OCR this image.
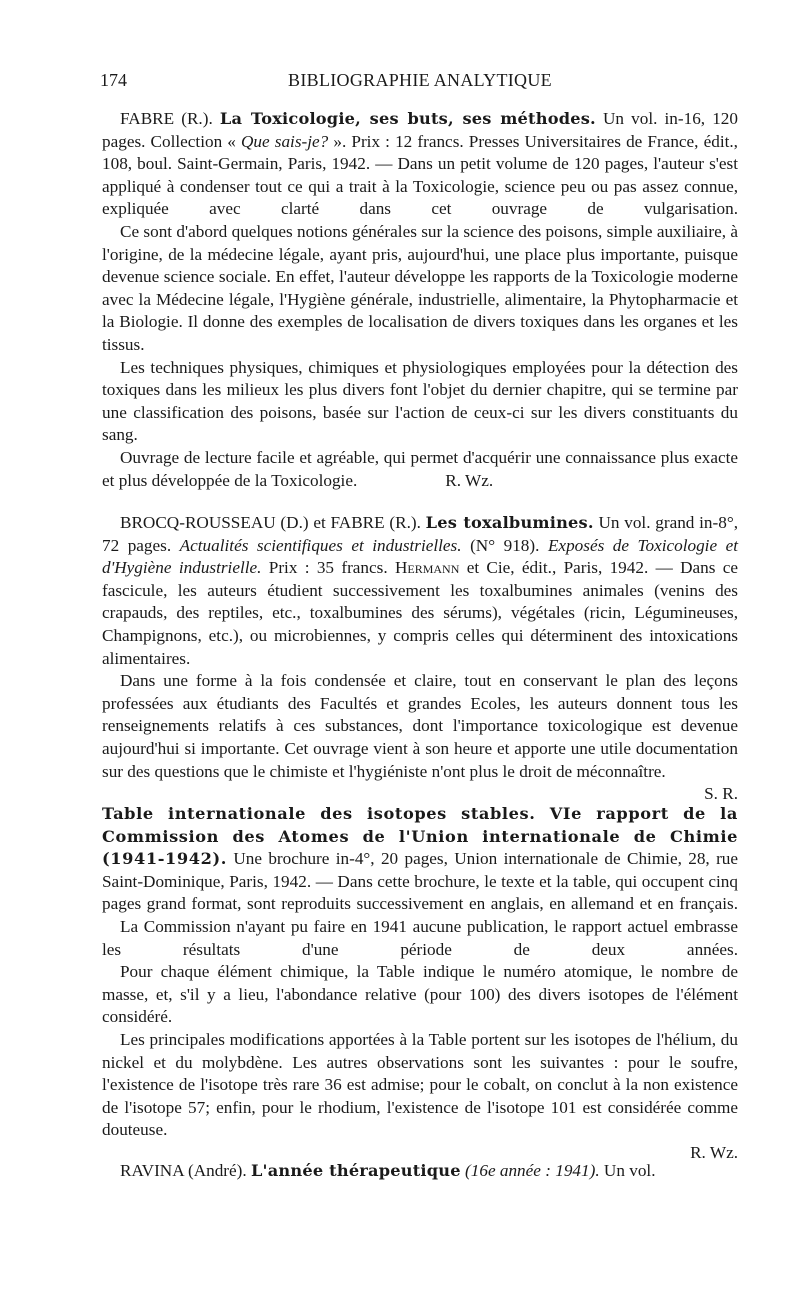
174	BIBLIOGRAPHIE ANALYTIQUE

FABRE (R.). La Toxicologie, ses buts, ses méthodes. Un vol. in-16, 120 pages. Collection « Que sais-je? ». Prix : 12 francs. Presses Universitaires de France, édit., 108, boul. Saint-Germain, Paris, 1942. — Dans un petit volume de 120 pages, l'auteur s'est appliqué à condenser tout ce qui a trait à la Toxicologie, science peu ou pas assez connue, expliquée avec clarté dans cet ouvrage de vulgarisation.

Ce sont d'abord quelques notions générales sur la science des poisons, simple auxiliaire, à l'origine, de la médecine légale, ayant pris, aujourd'hui, une place plus importante, puisque devenue science sociale. En effet, l'auteur développe les rapports de la Toxicologie moderne avec la Médecine légale, l'Hygiène générale, industrielle, alimentaire, la Phytopharmacie et la Biologie. Il donne des exemples de localisation de divers toxiques dans les organes et les tissus.

Les techniques physiques, chimiques et physiologiques employées pour la détection des toxiques dans les milieux les plus divers font l'objet du dernier chapitre, qui se termine par une classification des poisons, basée sur l'action de ceux-ci sur les divers constituants du sang.

Ouvrage de lecture facile et agréable, qui permet d'acquérir une connaissance plus exacte et plus développée de la Toxicologie.	R. Wz.

BROCQ-ROUSSEAU (D.) et FABRE (R.). Les toxalbumines. Un vol. grand in-8°, 72 pages. Actualités scientifiques et industrielles. (N° 918). Exposés de Toxicologie et d'Hygiène industrielle. Prix : 35 francs. Hermann et Cie, édit., Paris, 1942. — Dans ce fascicule, les auteurs étudient successivement les toxalbumines animales (venins des crapauds, des reptiles, etc., toxalbumines des sérums), végétales (ricin, Légumineuses, Champignons, etc.), ou microbiennes, y compris celles qui déterminent des intoxications alimentaires.

Dans une forme à la fois condensée et claire, tout en conservant le plan des leçons professées aux étudiants des Facultés et grandes Ecoles, les auteurs donnent tous les renseignements relatifs à ces substances, dont l'importance toxicologique est devenue aujourd'hui si importante. Cet ouvrage vient à son heure et apporte une utile documentation sur des questions que le chimiste et l'hygiéniste n'ont plus le droit de méconnaître.

S. R.

Table internationale des isotopes stables. VIe rapport de la Commission des Atomes de l'Union internationale de Chimie (1941-1942). Une brochure in-4°, 20 pages, Union internationale de Chimie, 28, rue Saint-Dominique, Paris, 1942. — Dans cette brochure, le texte et la table, qui occupent cinq pages grand format, sont reproduits successivement en anglais, en allemand et en français.

La Commission n'ayant pu faire en 1941 aucune publication, le rapport actuel embrasse les résultats d'une période de deux années.

Pour chaque élément chimique, la Table indique le numéro atomique, le nombre de masse, et, s'il y a lieu, l'abondance relative (pour 100) des divers isotopes de l'élément considéré.

Les principales modifications apportées à la Table portent sur les isotopes de l'hélium, du nickel et du molybdène. Les autres observations sont les suivantes : pour le soufre, l'existence de l'isotope très rare 36 est admise; pour le cobalt, on conclut à la non existence de l'isotope 57; enfin, pour le rhodium, l'existence de l'isotope 101 est considérée comme douteuse.

R. Wz.

RAVINA (André). L'année thérapeutique (16e année : 1941). Un vol.
